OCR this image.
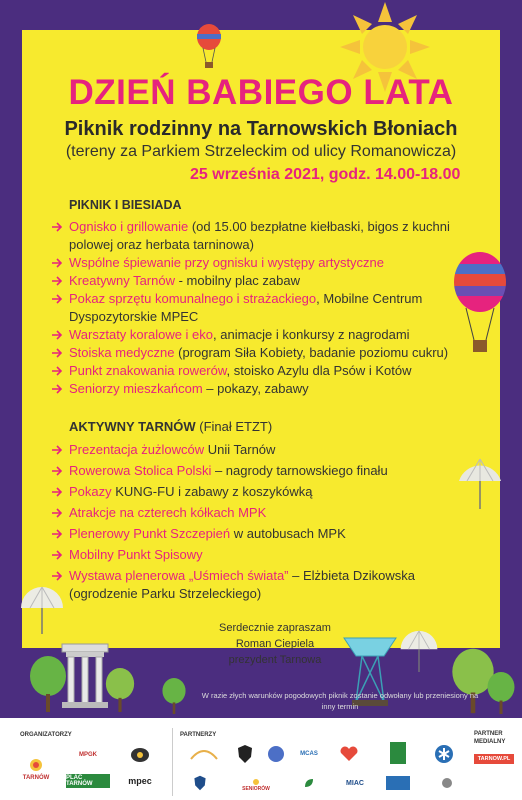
DZIEŃ BABIEGO LATA
Piknik rodzinny na Tarnowskich Błoniach
(tereny za Parkiem Strzeleckim od ulicy Romanowicza)
25 września 2021, godz. 14.00-18.00
PIKNIK I BIESIADA
Ognisko i grillowanie (od 15.00 bezpłatne kiełbaski, bigos z kuchni polowej oraz herbata tarninowa)
Wspólne śpiewanie przy ognisku i występy artystyczne
Kreatywny Tarnów - mobilny plac zabaw
Pokaz sprzętu komunalnego i strażackiego, Mobilne Centrum Dyspozytorskie MPEC
Warsztaty koralowe i eko, animacje i konkursy z nagrodami
Stoiska medyczne (program Siła Kobiety, badanie poziomu cukru)
Punkt znakowania rowerów, stoisko Azylu dla Psów i Kotów
Seniorzy mieszkańcom – pokazy, zabawy
AKTYWNY TARNÓW (Finał ETZT)
Prezentacja żużlowców Unii Tarnów
Rowerowa Stolica Polski – nagrody tarnowskiego finału
Pokazy KUNG-FU i zabawy z koszykówką
Atrakcje na czterech kółkach MPK
Plenerowy Punkt Szczepień w autobusach MPK
Mobilny Punkt Spisowy
Wystawa plenerowa „Uśmiech świata” – Elżbieta Dzikowska (ogrodzenie Parku Strzeleckiego)
Serdecznie zapraszam
Roman Ciepiela
prezydent Tarnowa
W razie złych warunków pogodowych piknik zostanie odwołany lub przeniesiony na inny termin
ORGANIZATORZY	PARTNERZY	PARTNER MEDIALNY
TARNÓW
MPGK
PLAC TARNÓW	mpec
MCAS
TARNOW.PL
SENIORÓW
MIAC
